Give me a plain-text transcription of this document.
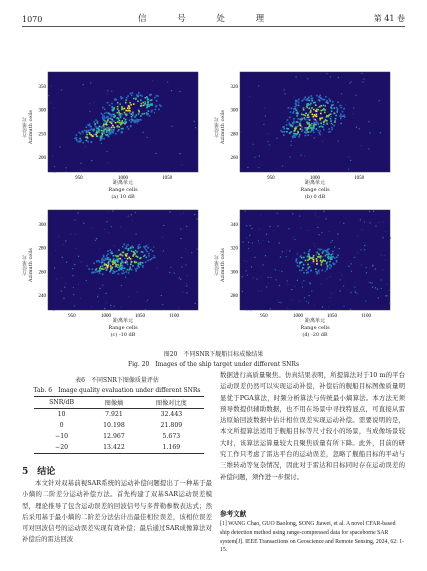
1070	信 号 处 理	第 41 卷
950	1000	1050
200
250
300
350
方位单元 Azimuth cells
距离单元
Range cells
(a) 10 dB
950	1000	1050
260
280
300
320
方位单元 Azimuth cells
距离单元
Range cells
(b) 0 dB
950	1000	1050	1100
240
260
280
300
方位单元 Azimuth cells
距离单元
Range cells
(c) -10 dB
950	1000	1050	1100
280
300
320
340
方位单元 Azimuth cells
距离单元
Range cells
(d) -20 dB
图20　不同SNR下舰船目标成像结果
Fig. 20　Images of the ship target under different SNRs
表6　不同SNR下图像质量评估
Tab. 6　Image quality evaluation under different SNRs
SNR/dB	图像熵	图像对比度
10	7.921	32.443
0	10.198	21.809
−10	12.967	5.673
−20	13.422	1.169
5　结论
　　本文针对双基前视SAR系统的运动补偿问题提出了一种基于最小熵的二阶差分运动补偿方法。首先构建了双基SAR运动误差模型，理论推导了包含运动误差的回波信号与多普勒参数表达式；然后采用基于最小熵的二阶差分法估计出最佳相位误差，该相位误差可对回波信号的运动误差实现有效补偿；最后通过SAR成像算法对补偿后的雷达回波
数据进行高质量聚焦。仿真结果表明，所提算法对于10 m的平台运动误差仍然可以实现运动补偿，补偿后的舰船目标图像质量明显优于PGA算法，时频分析算法与传统最小熵算法。本方法无须预导数提供辅助数据，也不用在场景中寻找特显点，可直接从雷达原始回波数据中估计相位误差实现运动补偿。需要说明的是，本文所提算法适用于舰船目标等尺寸较小的场景，当成像场景较大时，该算法运算量较大且聚焦质量有所下降。此外，目前的研究工作只考虑了雷达平台的运动误差，忽略了舰船目标的平动与三维转动等复杂情况，因此对于雷达和目标同时存在运动误差的补偿问题，须作进一步探讨。
参考文献
[1] WANG Chao, GUO Baolong, SONG Jiawei, et al. A novel CFAR-based ship detection method using range-compressed data for spaceborne SAR system[J]. IEEE Transactions on Geoscience and Remote Sensing, 2024, 62: 1-15.
